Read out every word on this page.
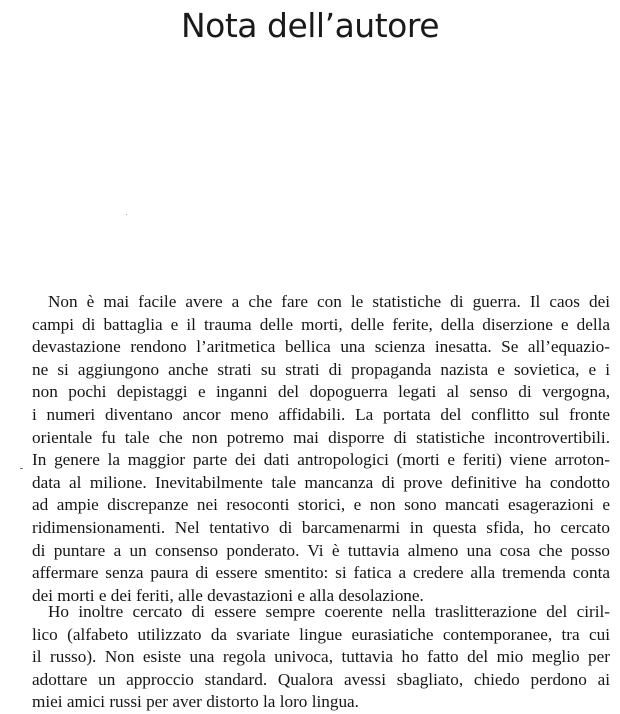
Nota dell’autore

Non è mai facile avere a che fare con le statistiche di guerra. Il caos dei
campi di battaglia e il trauma delle morti, delle ferite, della diserzione e della
devastazione rendono l’aritmetica bellica una scienza inesatta. Se all’equazio-
ne si aggiungono anche strati su strati di propaganda nazista e sovietica, e i
non pochi depistaggi e inganni del dopoguerra legati al senso di vergogna,
i numeri diventano ancor meno affidabili. La portata del conflitto sul fronte
orientale fu tale che non potremo mai disporre di statistiche incontrovertibili.
In genere la maggior parte dei dati antropologici (morti e feriti) viene arroton-
data al milione. Inevitabilmente tale mancanza di prove definitive ha condotto
ad ampie discrepanze nei resoconti storici, e non sono mancati esagerazioni e
ridimensionamenti. Nel tentativo di barcamenarmi in questa sfida, ho cercato
di puntare a un consenso ponderato. Vi è tuttavia almeno una cosa che posso
affermare senza paura di essere smentito: si fatica a credere alla tremenda conta
dei morti e dei feriti, alle devastazioni e alla desolazione.

Ho inoltre cercato di essere sempre coerente nella traslitterazione del ciril-
lico (alfabeto utilizzato da svariate lingue eurasiatiche contemporanee, tra cui
il russo). Non esiste una regola univoca, tuttavia ho fatto del mio meglio per
adottare un approccio standard. Qualora avessi sbagliato, chiedo perdono ai
miei amici russi per aver distorto la loro lingua.
